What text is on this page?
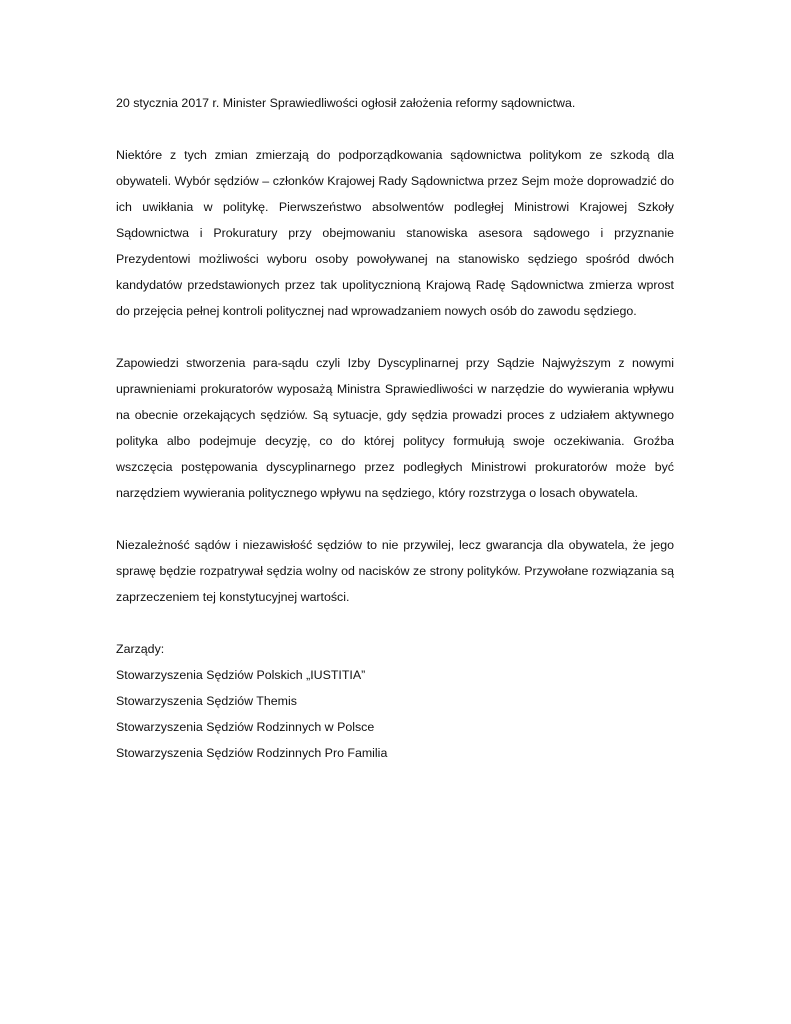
20 stycznia 2017 r. Minister Sprawiedliwości ogłosił założenia reformy sądownictwa.

Niektóre z tych zmian zmierzają do podporządkowania sądownictwa politykom ze szkodą dla obywateli. Wybór sędziów – członków Krajowej Rady Sądownictwa przez Sejm może doprowadzić do ich uwikłania w politykę. Pierwszeństwo absolwentów podległej Ministrowi Krajowej Szkoły Sądownictwa i Prokuratury przy obejmowaniu stanowiska asesora sądowego i przyznanie Prezydentowi możliwości wyboru osoby powoływanej na stanowisko sędziego spośród dwóch kandydatów przedstawionych przez tak upolitycznioną Krajową Radę Sądownictwa zmierza wprost do przejęcia pełnej kontroli politycznej nad wprowadzaniem nowych osób do zawodu sędziego.

Zapowiedzi stworzenia para-sądu czyli Izby Dyscyplinarnej przy Sądzie Najwyższym z nowymi uprawnieniami prokuratorów wyposażą Ministra Sprawiedliwości w narzędzie do wywierania wpływu na obecnie orzekających sędziów. Są sytuacje, gdy sędzia prowadzi proces z udziałem aktywnego polityka albo podejmuje decyzję, co do której politycy formułują swoje oczekiwania. Groźba wszczęcia postępowania dyscyplinarnego przez podległych Ministrowi prokuratorów może być narzędziem wywierania politycznego wpływu na sędziego, który rozstrzyga o losach obywatela.

Niezależność sądów i niezawisłość sędziów to nie przywilej, lecz gwarancja dla obywatela, że jego sprawę będzie rozpatrywał sędzia wolny od nacisków ze strony polityków. Przywołane rozwiązania są zaprzeczeniem tej konstytucyjnej wartości.

Zarządy:

Stowarzyszenia Sędziów Polskich „IUSTITIA”
Stowarzyszenia Sędziów Themis
Stowarzyszenia Sędziów Rodzinnych w Polsce
Stowarzyszenia Sędziów Rodzinnych Pro Familia
